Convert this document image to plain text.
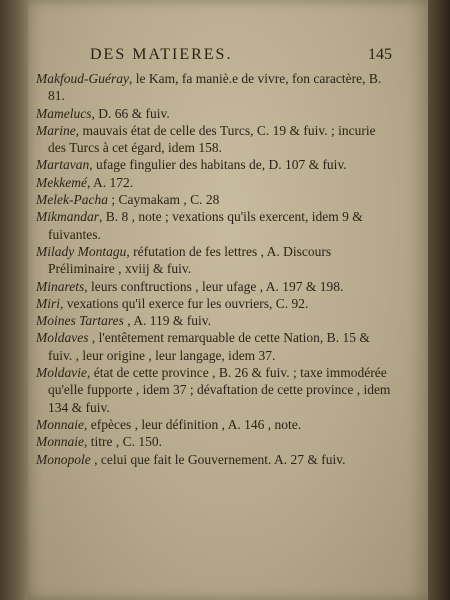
DES MATIERES.	145

Makfoud-Guéray, le Kam, fa maniè.e de vivre, fon caractère, B. 81.

Mamelucs, D. 66 & fuiv.

Marine, mauvais état de celle des Turcs, C. 19 & fuiv. ; incurie des Turcs à cet égard, idem 158.

Martavan, ufage fingulier des habitans de, D. 107 & fuiv.

Mekkemé, A. 172.

Melek-Pacha ; Caymakam , C. 28

Mikmandar, B. 8 , note ; vexations qu'ils exercent, idem 9 & fuivantes.

Milady Montagu, réfutation de fes lettres , A. Discours Préliminaire , xviij & fuiv.

Minarets, leurs conftructions , leur ufage , A. 197 & 198.

Miri, vexations qu'il exerce fur les ouvriers, C. 92.

Moines Tartares , A. 119 & fuiv.

Moldaves , l'entêtement remarquable de cette Nation, B. 15 & fuiv. , leur origine , leur langage, idem 37.

Moldavie, état de cette province , B. 26 & fuiv. ; taxe immodérée qu'elle fupporte , idem 37 ; dévaftation de cette province , idem 134 & fuiv.

Monnaie, efpèces , leur définition , A. 146 , note.

Monnaie, titre , C. 150.

Monopole , celui que fait le Gouvernement. A. 27 & fuiv.
